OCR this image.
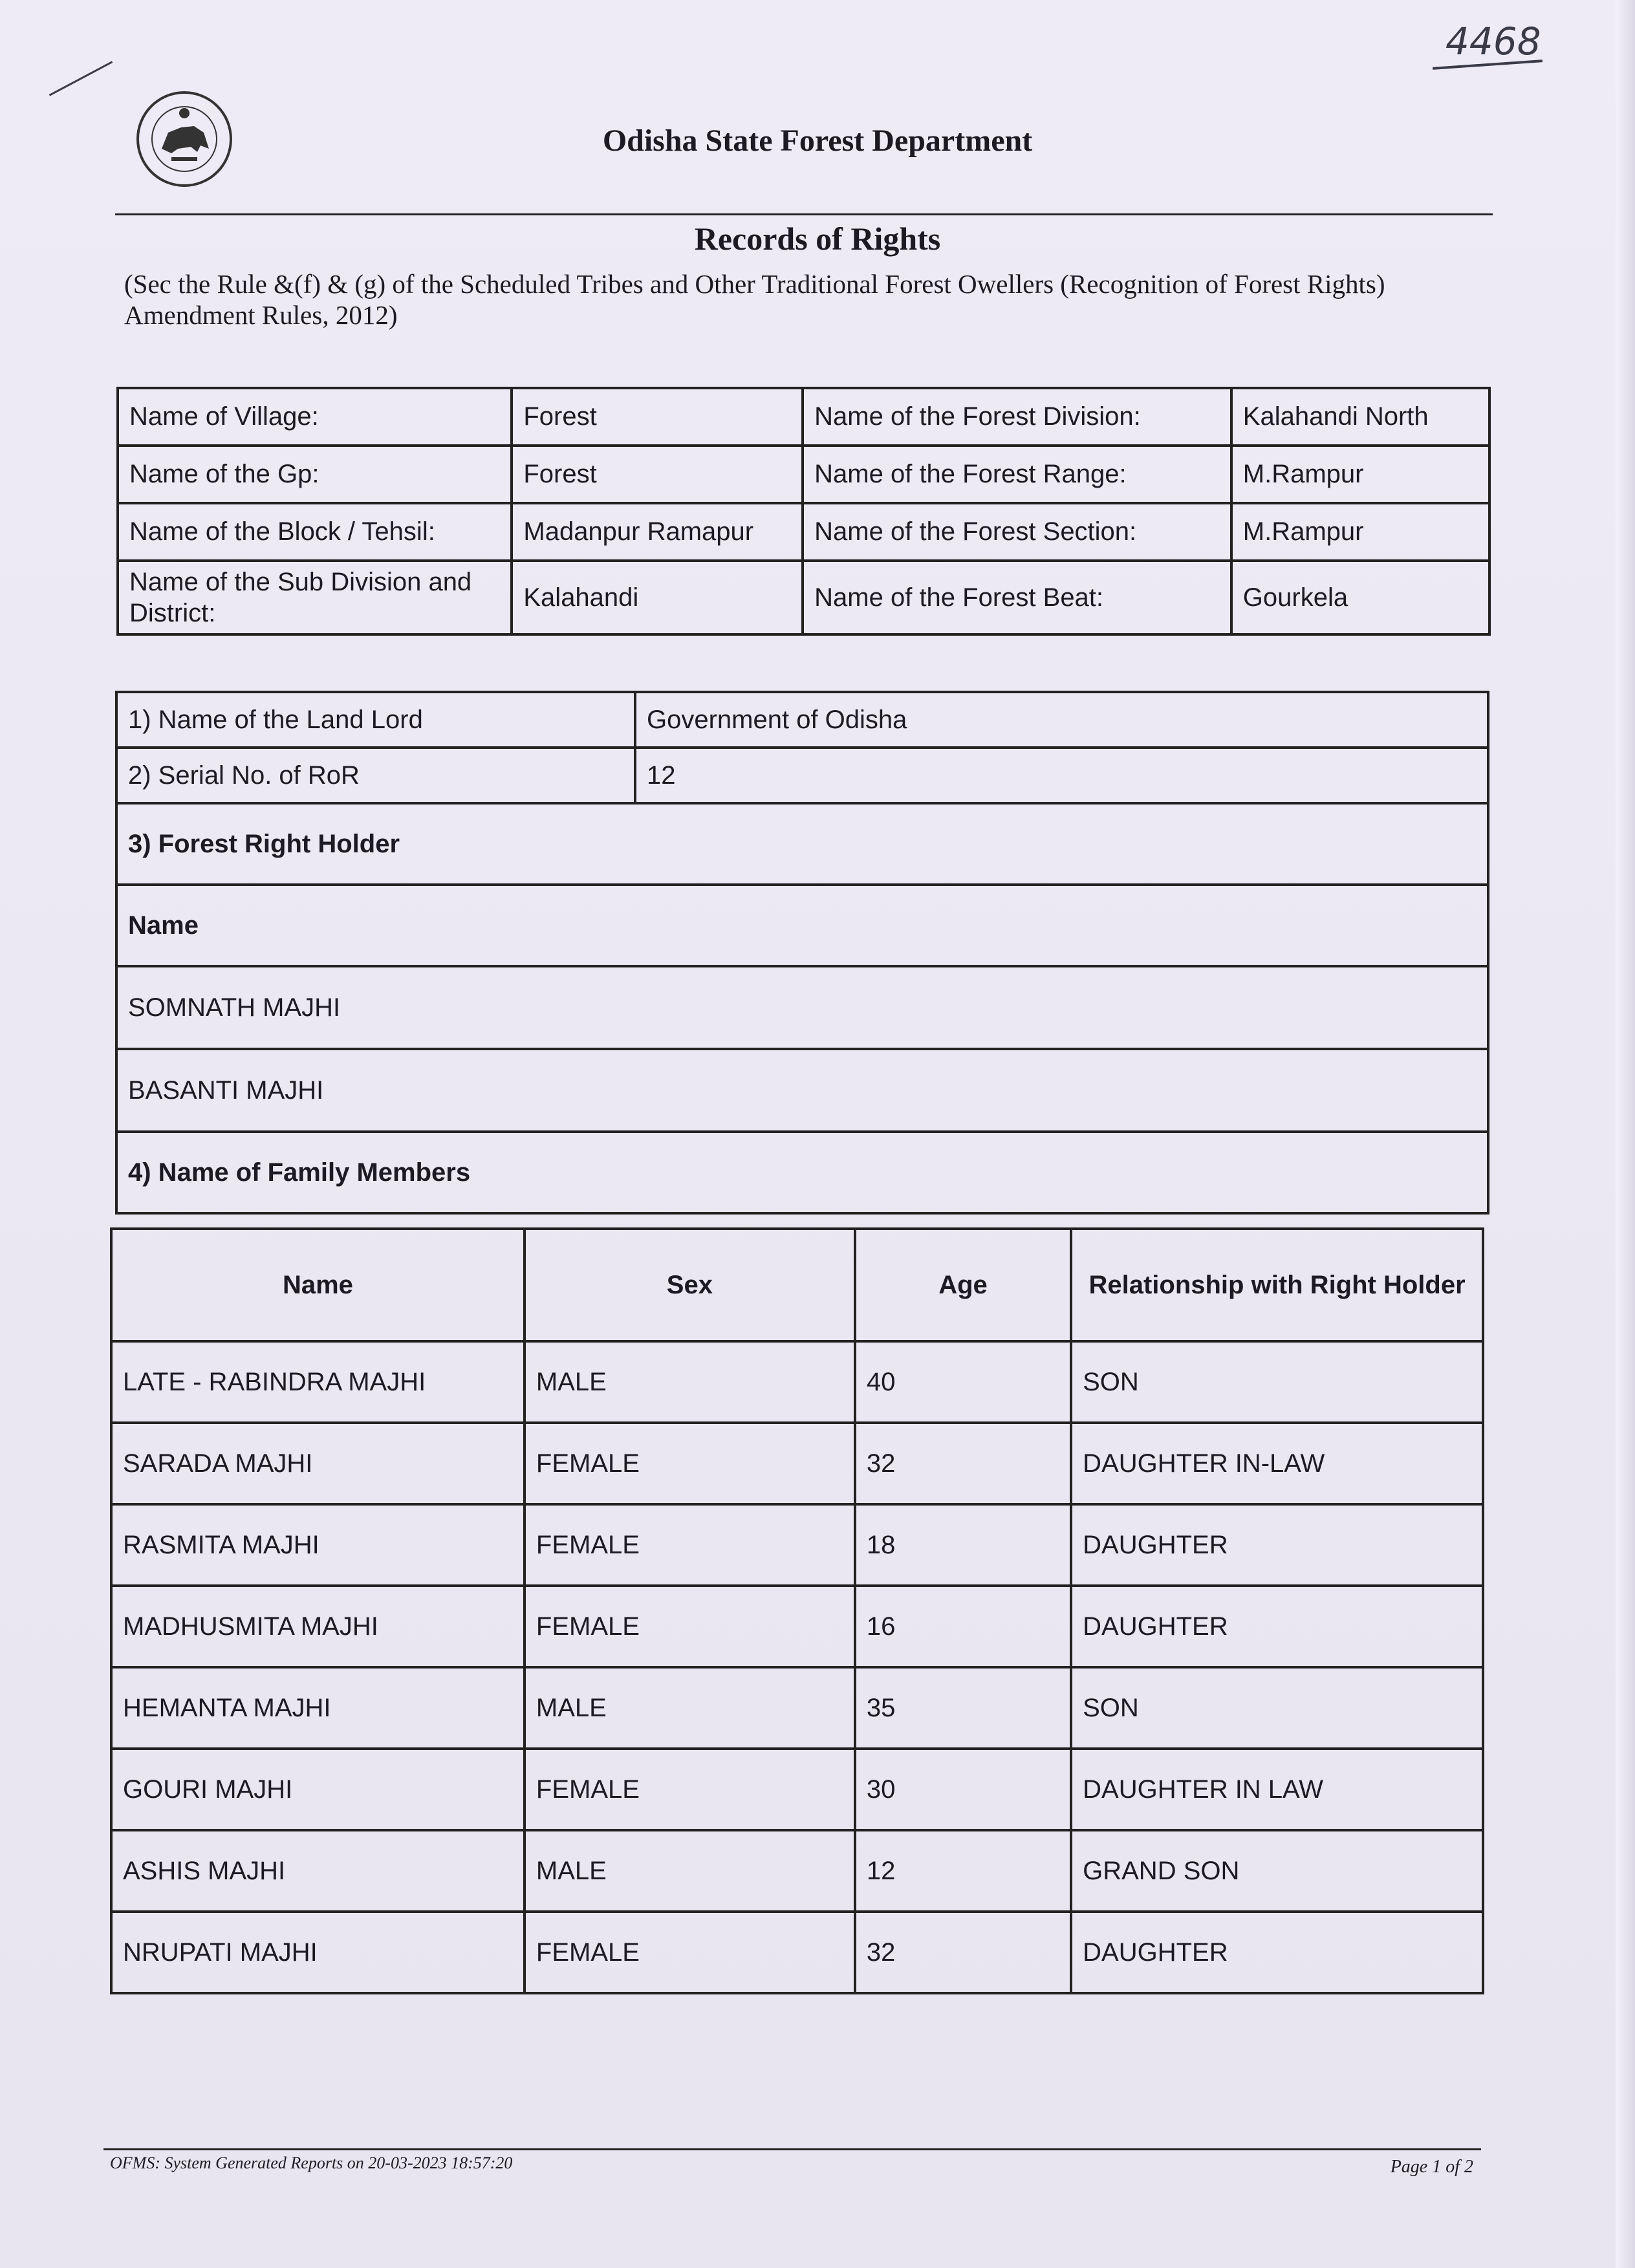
4468
Odisha State Forest Department
Records of Rights
(Sec the Rule &(f) & (g) of the Scheduled Tribes and Other Traditional Forest Owellers (Recognition of Forest Rights) Amendment Rules, 2012)
Name of Village:	Forest	Name of the Forest Division:	Kalahandi North
Name of the Gp:	Forest	Name of the Forest Range:	M.Rampur
Name of the Block / Tehsil:	Madanpur Ramapur	Name of the Forest Section:	M.Rampur
Name of the Sub Division and District:	Kalahandi	Name of the Forest Beat:	Gourkela
1) Name of the Land Lord	Government of Odisha
2) Serial No. of RoR	12
3) Forest Right Holder	
Name	
SOMNATH MAJHI	
BASANTI MAJHI	
4) Name of Family Members	
Name	Sex	Age	Relationship with Right Holder
LATE - RABINDRA MAJHI	MALE	40	SON
SARADA MAJHI	FEMALE	32	DAUGHTER IN-LAW
RASMITA MAJHI	FEMALE	18	DAUGHTER
MADHUSMITA MAJHI	FEMALE	16	DAUGHTER
HEMANTA MAJHI	MALE	35	SON
GOURI MAJHI	FEMALE	30	DAUGHTER IN LAW
ASHIS MAJHI	MALE	12	GRAND SON
NRUPATI MAJHI	FEMALE	32	DAUGHTER
OFMS: System Generated Reports on 20-03-2023 18:57:20	Page 1 of 2
